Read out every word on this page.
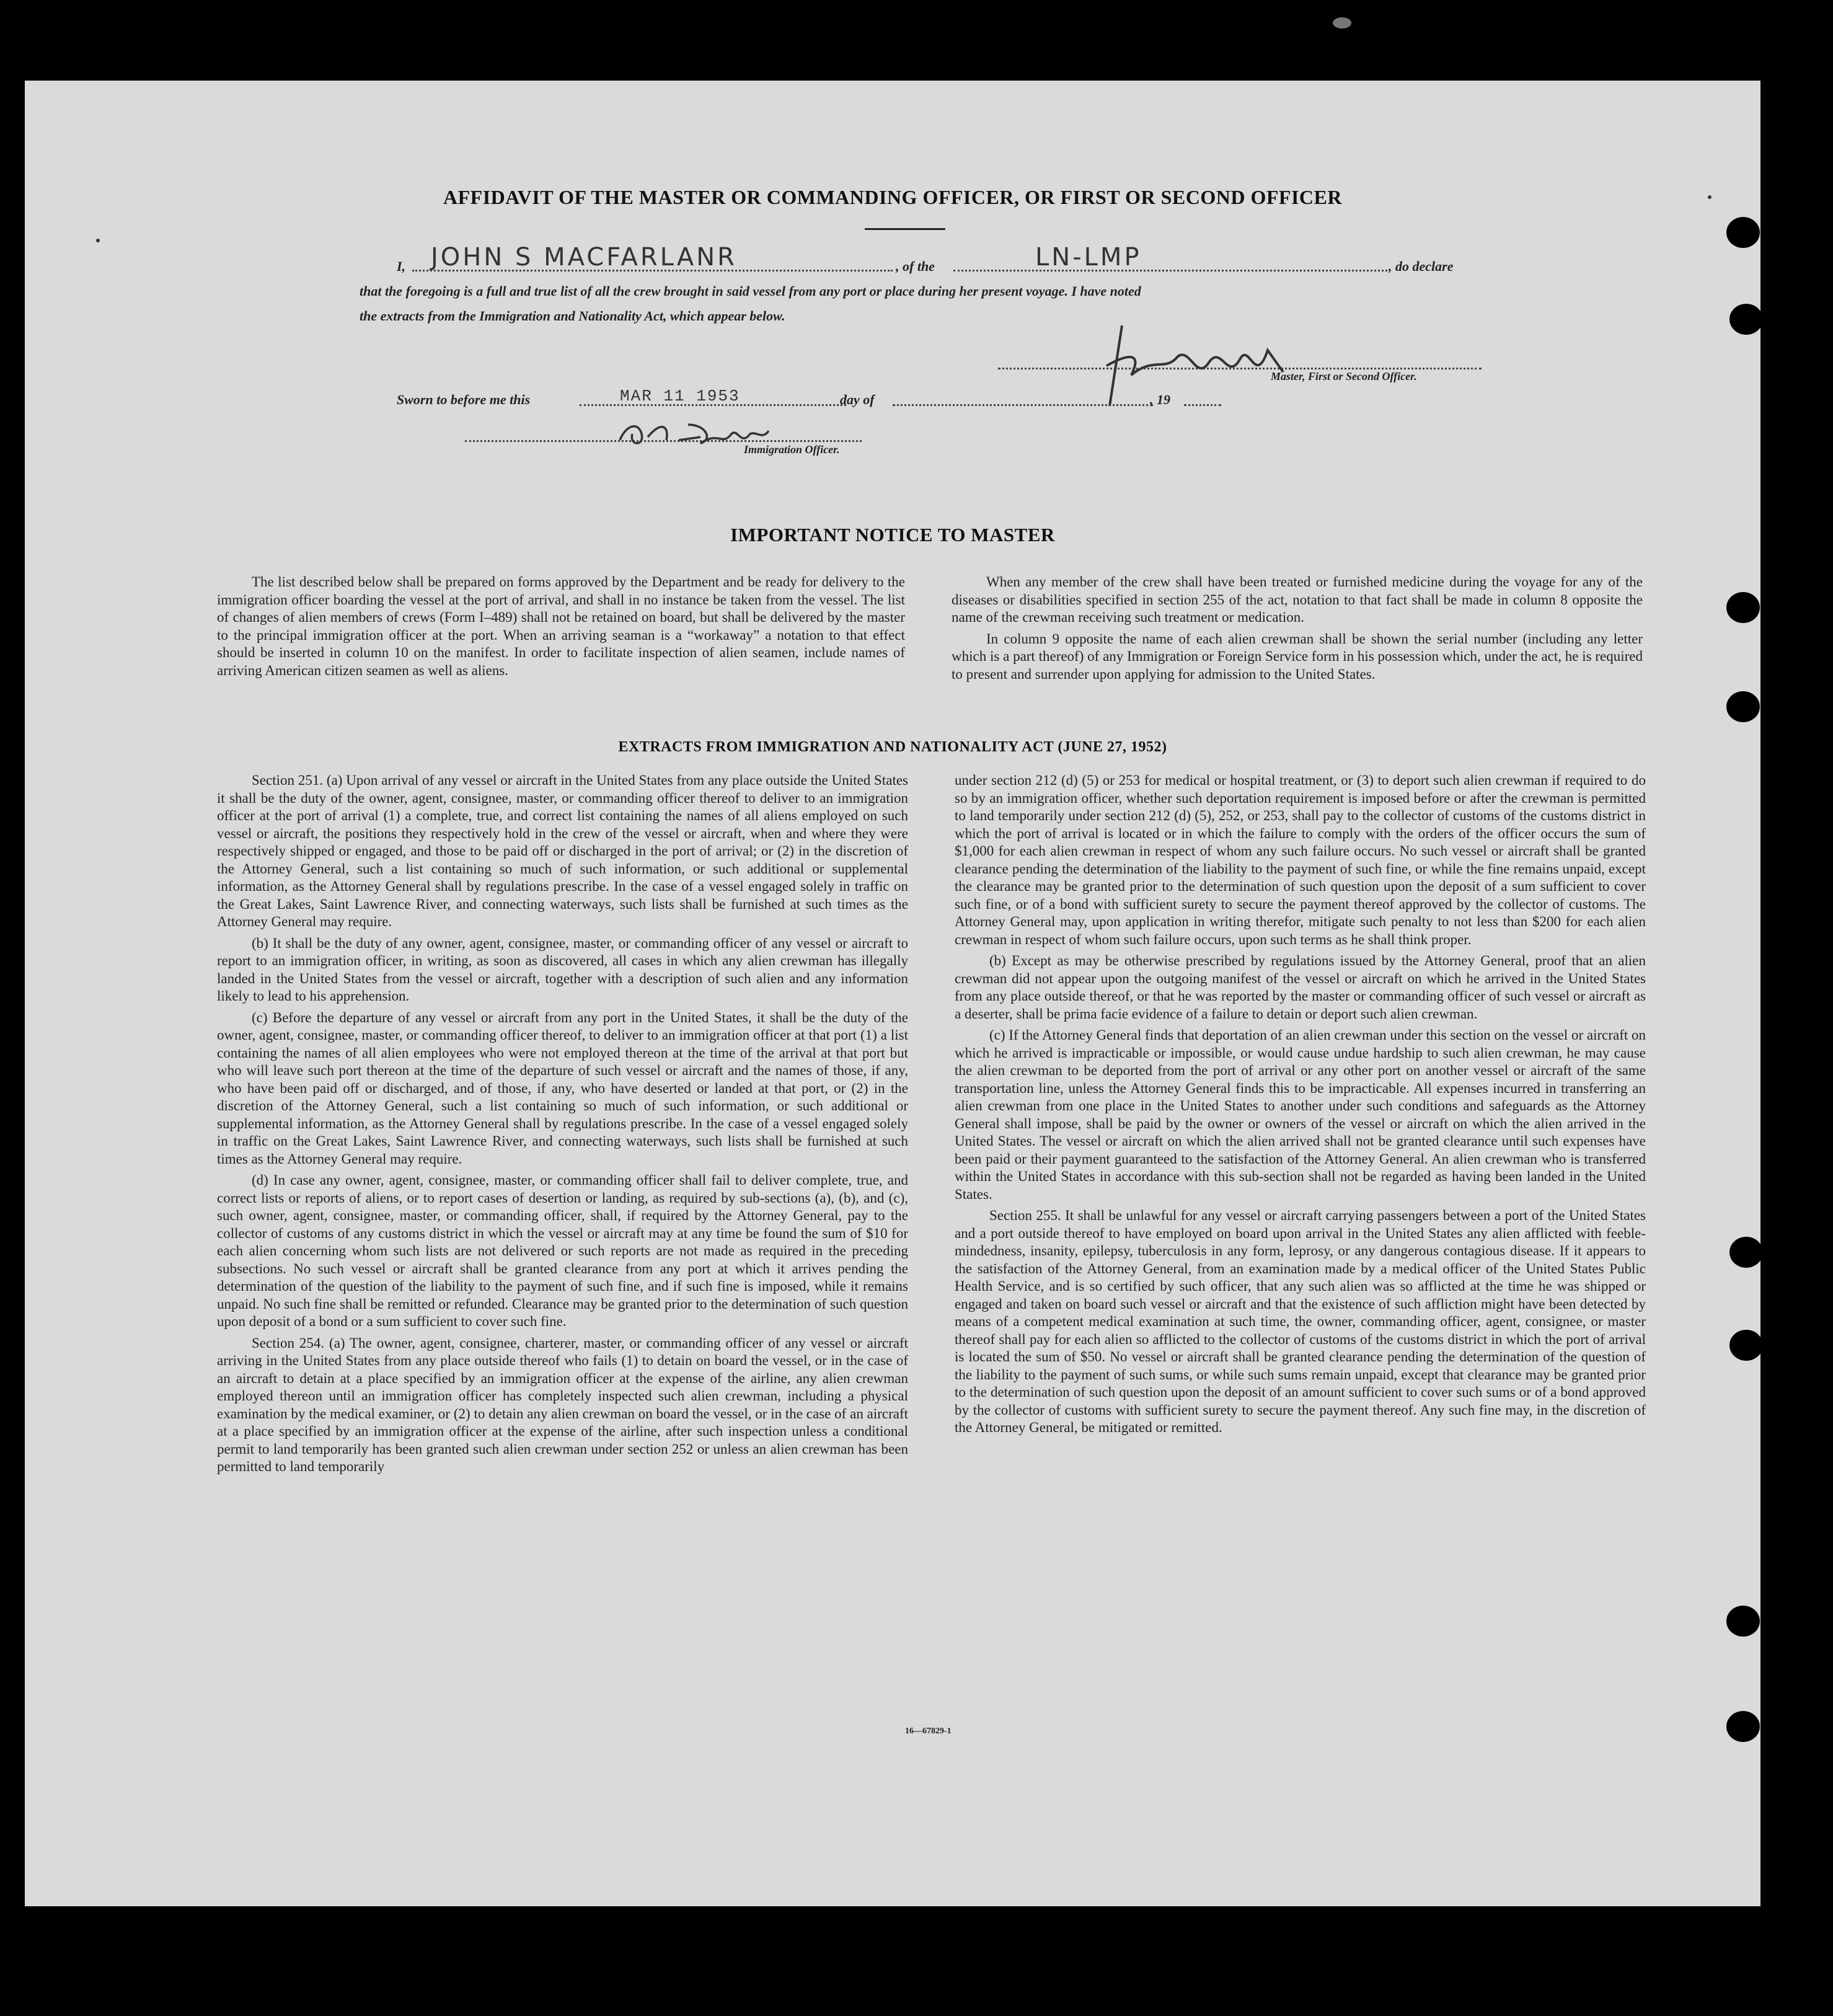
AFFIDAVIT OF THE MASTER OR COMMANDING OFFICER, OR FIRST OR SECOND OFFICER
I, JOHN S MACFARLANR	, of the	LN-LMP	, do declare
that the foregoing is a full and true list of all the crew brought in said vessel from any port or place during her present voyage. I have noted
the extracts from the Immigration and Nationality Act, which appear below.
Master, First or Second Officer.
Sworn to before me this	MAR 11 1953	day of	, 19
Immigration Officer.
IMPORTANT NOTICE TO MASTER

The list described below shall be prepared on forms approved by the Department and be ready for delivery to the immigration officer boarding the vessel at the port of arrival, and shall in no instance be taken from the vessel. The list of changes of alien members of crews (Form I–489) shall not be retained on board, but shall be delivered by the master to the principal immigration officer at the port. When an arriving seaman is a “workaway” a notation to that effect should be inserted in column 10 on the manifest. In order to facilitate inspection of alien seamen, include names of arriving American citizen seamen as well as aliens.

When any member of the crew shall have been treated or furnished medicine during the voyage for any of the diseases or disabilities specified in section 255 of the act, notation to that fact shall be made in column 8 opposite the name of the crewman receiving such treatment or medication.

In column 9 opposite the name of each alien crewman shall be shown the serial number (including any letter which is a part thereof) of any Immigration or Foreign Service form in his possession which, under the act, he is required to present and surrender upon applying for admission to the United States.

EXTRACTS FROM IMMIGRATION AND NATIONALITY ACT (JUNE 27, 1952)

Section 251. (a) Upon arrival of any vessel or aircraft in the United States from any place outside the United States it shall be the duty of the owner, agent, consignee, master, or commanding officer thereof to deliver to an immigration officer at the port of arrival (1) a complete, true, and correct list containing the names of all aliens employed on such vessel or aircraft, the positions they respectively hold in the crew of the vessel or aircraft, when and where they were respectively shipped or engaged, and those to be paid off or discharged in the port of arrival; or (2) in the discretion of the Attorney General, such a list containing so much of such information, or such additional or supplemental information, as the Attorney General shall by regulations prescribe. In the case of a vessel engaged solely in traffic on the Great Lakes, Saint Lawrence River, and connecting waterways, such lists shall be furnished at such times as the Attorney General may require.

(b) It shall be the duty of any owner, agent, consignee, master, or commanding officer of any vessel or aircraft to report to an immigration officer, in writing, as soon as discovered, all cases in which any alien crewman has illegally landed in the United States from the vessel or aircraft, together with a description of such alien and any information likely to lead to his apprehension.

(c) Before the departure of any vessel or aircraft from any port in the United States, it shall be the duty of the owner, agent, consignee, master, or commanding officer thereof, to deliver to an immigration officer at that port (1) a list containing the names of all alien employees who were not employed thereon at the time of the arrival at that port but who will leave such port thereon at the time of the departure of such vessel or aircraft and the names of those, if any, who have been paid off or discharged, and of those, if any, who have deserted or landed at that port, or (2) in the discretion of the Attorney General, such a list containing so much of such information, or such additional or supplemental information, as the Attorney General shall by regulations prescribe. In the case of a vessel engaged solely in traffic on the Great Lakes, Saint Lawrence River, and connecting waterways, such lists shall be furnished at such times as the Attorney General may require.

(d) In case any owner, agent, consignee, master, or commanding officer shall fail to deliver complete, true, and correct lists or reports of aliens, or to report cases of desertion or landing, as required by sub-sections (a), (b), and (c), such owner, agent, consignee, master, or commanding officer, shall, if required by the Attorney General, pay to the collector of customs of any customs district in which the vessel or aircraft may at any time be found the sum of $10 for each alien concerning whom such lists are not delivered or such reports are not made as required in the preceding subsections. No such vessel or aircraft shall be granted clearance from any port at which it arrives pending the determination of the question of the liability to the payment of such fine, and if such fine is imposed, while it remains unpaid. No such fine shall be remitted or refunded. Clearance may be granted prior to the determination of such question upon deposit of a bond or a sum sufficient to cover such fine.

Section 254. (a) The owner, agent, consignee, charterer, master, or commanding officer of any vessel or aircraft arriving in the United States from any place outside thereof who fails (1) to detain on board the vessel, or in the case of an aircraft to detain at a place specified by an immigration officer at the expense of the airline, any alien crewman employed thereon until an immigration officer has completely inspected such alien crewman, including a physical examination by the medical examiner, or (2) to detain any alien crewman on board the vessel, or in the case of an aircraft at a place specified by an immigration officer at the expense of the airline, after such inspection unless a conditional permit to land temporarily has been granted such alien crewman under section 252 or unless an alien crewman has been permitted to land temporarily

under section 212 (d) (5) or 253 for medical or hospital treatment, or (3) to deport such alien crewman if required to do so by an immigration officer, whether such deportation requirement is imposed before or after the crewman is permitted to land temporarily under section 212 (d) (5), 252, or 253, shall pay to the collector of customs of the customs district in which the port of arrival is located or in which the failure to comply with the orders of the officer occurs the sum of $1,000 for each alien crewman in respect of whom any such failure occurs. No such vessel or aircraft shall be granted clearance pending the determination of the liability to the payment of such fine, or while the fine remains unpaid, except the clearance may be granted prior to the determination of such question upon the deposit of a sum sufficient to cover such fine, or of a bond with sufficient surety to secure the payment thereof approved by the collector of customs. The Attorney General may, upon application in writing therefor, mitigate such penalty to not less than $200 for each alien crewman in respect of whom such failure occurs, upon such terms as he shall think proper.

(b) Except as may be otherwise prescribed by regulations issued by the Attorney General, proof that an alien crewman did not appear upon the outgoing manifest of the vessel or aircraft on which he arrived in the United States from any place outside thereof, or that he was reported by the master or commanding officer of such vessel or aircraft as a deserter, shall be prima facie evidence of a failure to detain or deport such alien crewman.

(c) If the Attorney General finds that deportation of an alien crewman under this section on the vessel or aircraft on which he arrived is impracticable or impossible, or would cause undue hardship to such alien crewman, he may cause the alien crewman to be deported from the port of arrival or any other port on another vessel or aircraft of the same transportation line, unless the Attorney General finds this to be impracticable. All expenses incurred in transferring an alien crewman from one place in the United States to another under such conditions and safeguards as the Attorney General shall impose, shall be paid by the owner or owners of the vessel or aircraft on which the alien arrived in the United States. The vessel or aircraft on which the alien arrived shall not be granted clearance until such expenses have been paid or their payment guaranteed to the satisfaction of the Attorney General. An alien crewman who is transferred within the United States in accordance with this sub-section shall not be regarded as having been landed in the United States.

Section 255. It shall be unlawful for any vessel or aircraft carrying passengers between a port of the United States and a port outside thereof to have employed on board upon arrival in the United States any alien afflicted with feeble-mindedness, insanity, epilepsy, tuberculosis in any form, leprosy, or any dangerous contagious disease. If it appears to the satisfaction of the Attorney General, from an examination made by a medical officer of the United States Public Health Service, and is so certified by such officer, that any such alien was so afflicted at the time he was shipped or engaged and taken on board such vessel or aircraft and that the existence of such affliction might have been detected by means of a competent medical examination at such time, the owner, commanding officer, agent, consignee, or master thereof shall pay for each alien so afflicted to the collector of customs of the customs district in which the port of arrival is located the sum of $50. No vessel or aircraft shall be granted clearance pending the determination of the question of the liability to the payment of such sums, or while such sums remain unpaid, except that clearance may be granted prior to the determination of such question upon the deposit of an amount sufficient to cover such sums or of a bond approved by the collector of customs with sufficient surety to secure the payment thereof. Any such fine may, in the discretion of the Attorney General, be mitigated or remitted.

16—67829-1
